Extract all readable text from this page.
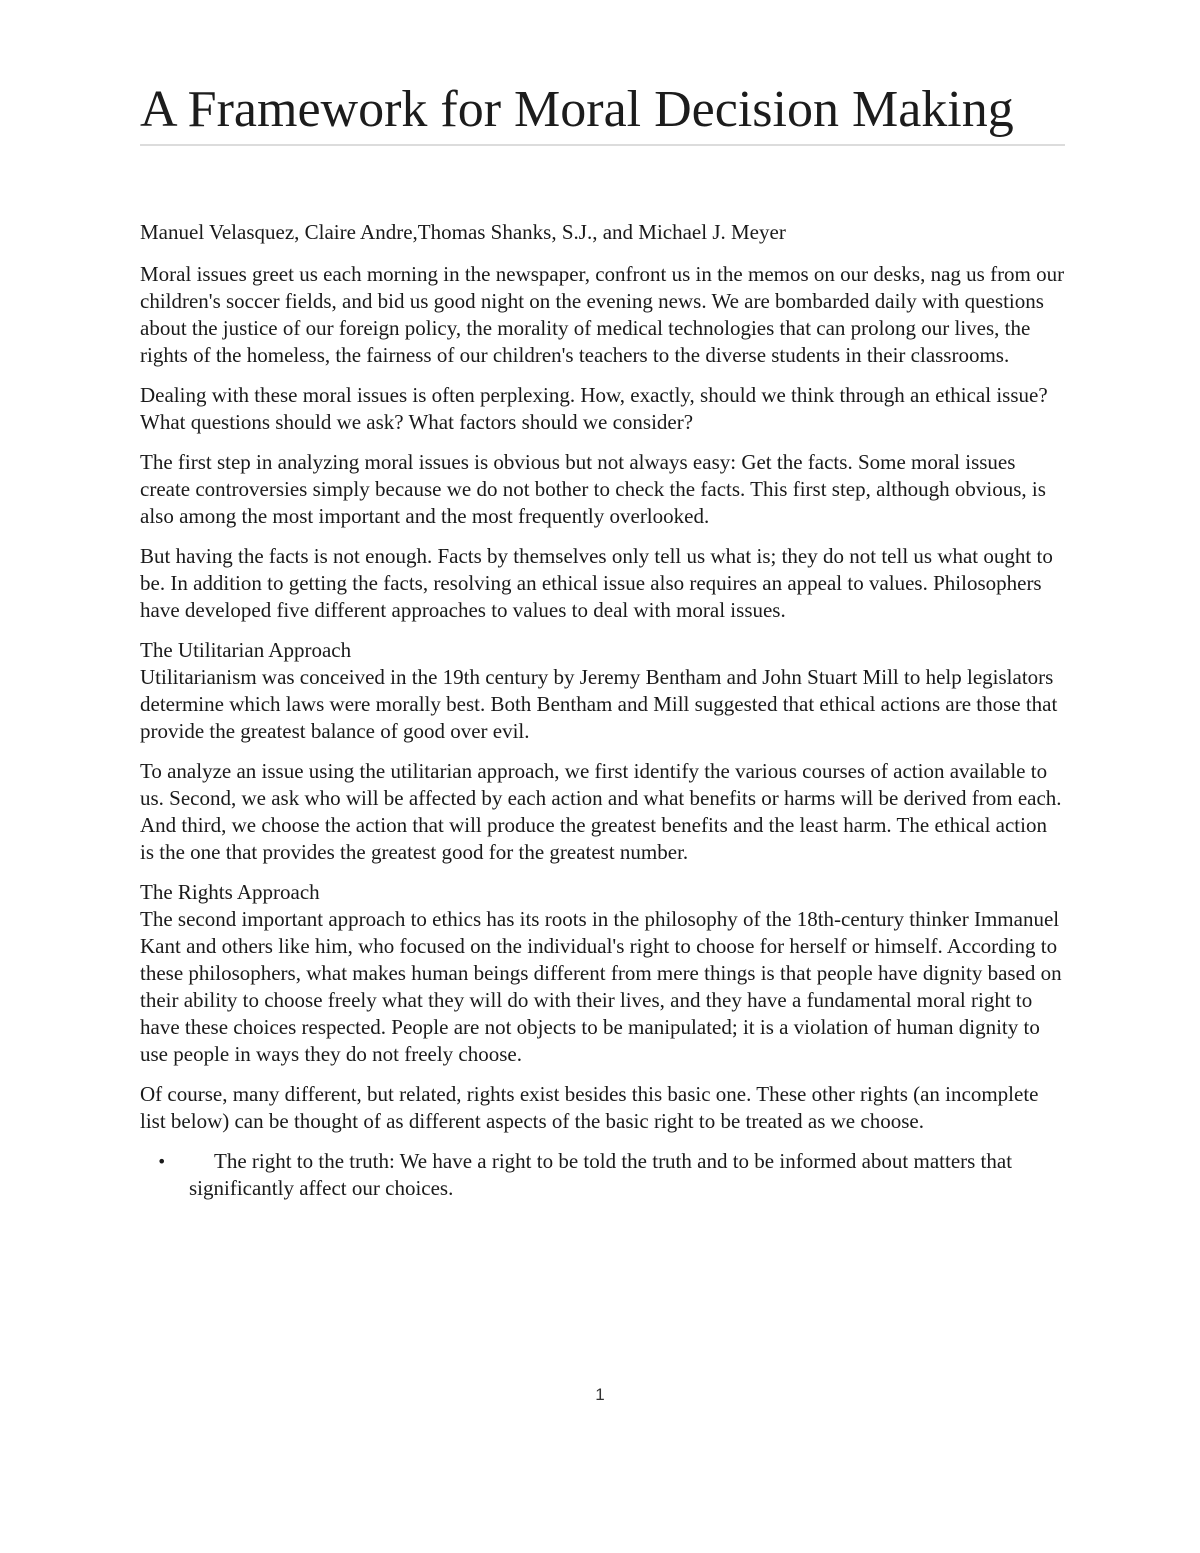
A Framework for Moral Decision Making

Manuel Velasquez, Claire Andre,Thomas Shanks, S.J., and Michael J. Meyer

Moral issues greet us each morning in the newspaper, confront us in the memos on our desks, nag us from our children's soccer fields, and bid us good night on the evening news. We are bombarded daily with questions about the justice of our foreign policy, the morality of medical technologies that can prolong our lives, the rights of the homeless, the fairness of our children's teachers to the diverse students in their classrooms.

Dealing with these moral issues is often perplexing. How, exactly, should we think through an ethical issue? What questions should we ask? What factors should we consider?

The first step in analyzing moral issues is obvious but not always easy: Get the facts. Some moral issues create controversies simply because we do not bother to check the facts. This first step, although obvious, is also among the most important and the most frequently overlooked.

But having the facts is not enough. Facts by themselves only tell us what is; they do not tell us what ought to be. In addition to getting the facts, resolving an ethical issue also requires an appeal to values. Philosophers have developed five different approaches to values to deal with moral issues.

The Utilitarian Approach
Utilitarianism was conceived in the 19th century by Jeremy Bentham and John Stuart Mill to help legislators determine which laws were morally best. Both Bentham and Mill suggested that ethical actions are those that provide the greatest balance of good over evil.

To analyze an issue using the utilitarian approach, we first identify the various courses of action available to us. Second, we ask who will be affected by each action and what benefits or harms will be derived from each. And third, we choose the action that will produce the greatest benefits and the least harm. The ethical action is the one that provides the greatest good for the greatest number.

The Rights Approach
The second important approach to ethics has its roots in the philosophy of the 18th-century thinker Immanuel Kant and others like him, who focused on the individual's right to choose for herself or himself. According to these philosophers, what makes human beings different from mere things is that people have dignity based on their ability to choose freely what they will do with their lives, and they have a fundamental moral right to have these choices respected. People are not objects to be manipulated; it is a violation of human dignity to use people in ways they do not freely choose.

Of course, many different, but related, rights exist besides this basic one. These other rights (an incomplete list below) can be thought of as different aspects of the basic right to be treated as we choose.

• The right to the truth: We have a right to be told the truth and to be informed about matters that significantly affect our choices.
1
